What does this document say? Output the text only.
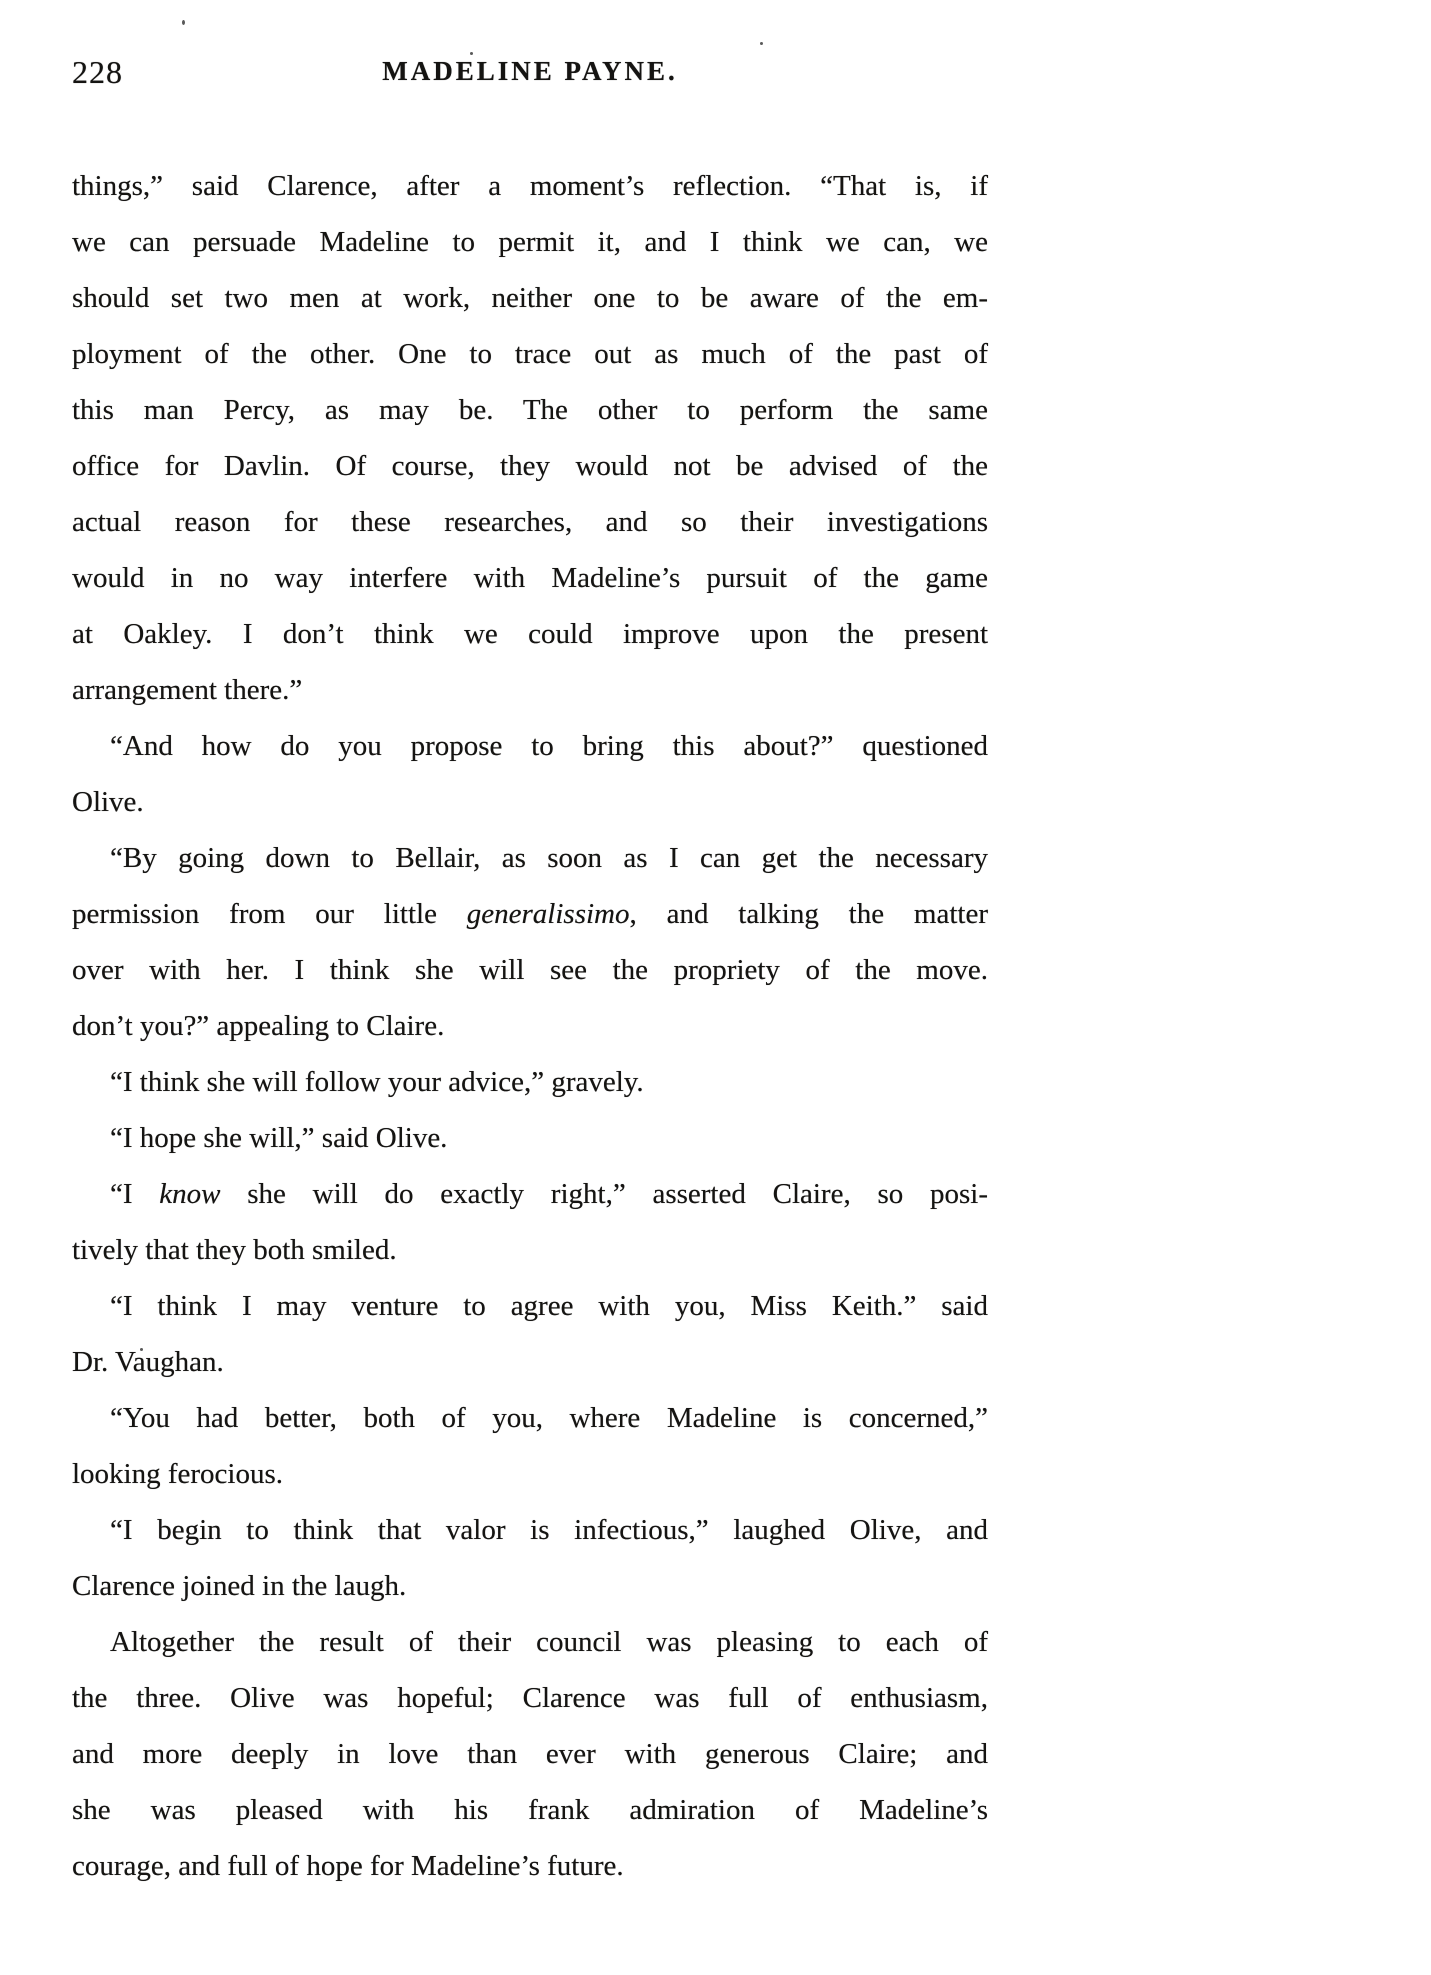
228	MADELINE PAYNE.
things,” said Clarence, after a moment’s reflection. “That is, if
we can persuade Madeline to permit it, and I think we can, we
should set two men at work, neither one to be aware of the em-
ployment of the other. One to trace out as much of the past of
this man Percy, as may be. The other to perform the same
office for Davlin. Of course, they would not be advised of the
actual reason for these researches, and so their investigations
would in no way interfere with Madeline’s pursuit of the game
at Oakley. I don’t think we could improve upon the present
arrangement there.”
“And how do you propose to bring this about?” questioned
Olive.
“By going down to Bellair, as soon as I can get the necessary
permission from our little generalissimo, and talking the matter
over with her. I think she will see the propriety of the move.
don’t you?” appealing to Claire.
“I think she will follow your advice,” gravely.
“I hope she will,” said Olive.
“I know she will do exactly right,” asserted Claire, so posi-
tively that they both smiled.
“I think I may venture to agree with you, Miss Keith.” said
Dr. Vaughan.
“You had better, both of you, where Madeline is concerned,”
looking ferocious.
“I begin to think that valor is infectious,” laughed Olive, and
Clarence joined in the laugh.
Altogether the result of their council was pleasing to each of
the three. Olive was hopeful; Clarence was full of enthusiasm,
and more deeply in love than ever with generous Claire; and
she was pleased with his frank admiration of Madeline’s
courage, and full of hope for Madeline’s future.
